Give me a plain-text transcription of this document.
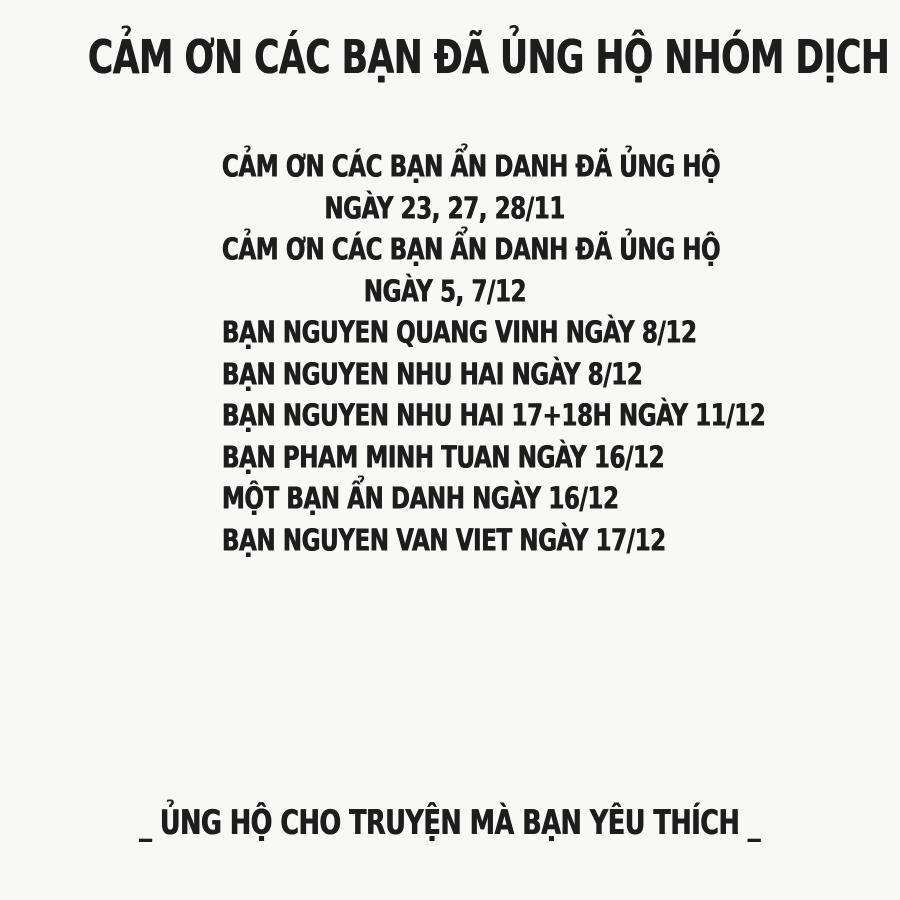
CẢM ƠN CÁC BẠN ĐÃ ỦNG HỘ NHÓM DỊCH
CẢM ƠN CÁC BẠN ẨN DANH ĐÃ ỦNG HỘ
NGÀY 23, 27, 28/11
CẢM ƠN CÁC BẠN ẨN DANH ĐÃ ỦNG HỘ
NGÀY 5, 7/12
BẠN NGUYEN QUANG VINH NGÀY 8/12
BẠN NGUYEN NHU HAI NGÀY 8/12
BẠN NGUYEN NHU HAI 17+18H NGÀY 11/12
BẠN PHAM MINH TUAN NGÀY 16/12
MỘT BẠN ẨN DANH NGÀY 16/12
BẠN NGUYEN VAN VIET NGÀY 17/12
_ ỦNG HỘ CHO TRUYỆN MÀ BẠN YÊU THÍCH _
